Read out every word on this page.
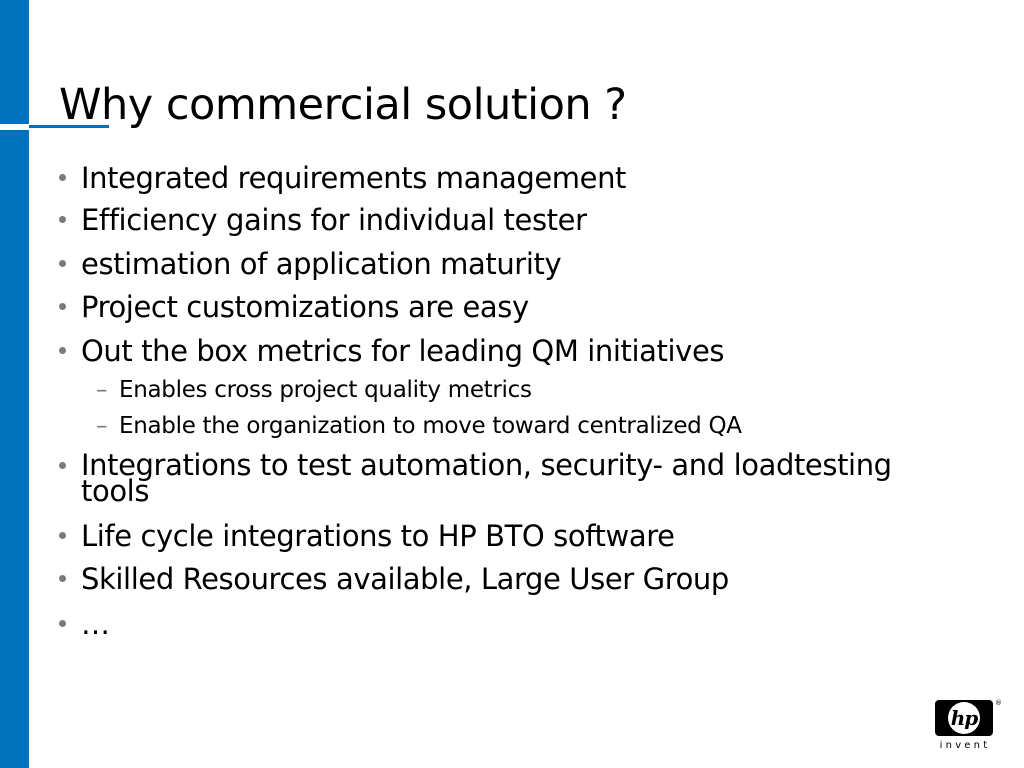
Why commercial solution ?
Integrated requirements management
Efficiency gains for individual tester
estimation of application maturity
Project customizations are easy
Out the box metrics for leading QM initiatives
– Enables cross project quality metrics
– Enable the organization to move toward centralized QA
Integrations to test automation, security- and loadtesting tools
Life cycle integrations to HP BTO software
Skilled Resources available, Large User Group
…
hp
®
invent
